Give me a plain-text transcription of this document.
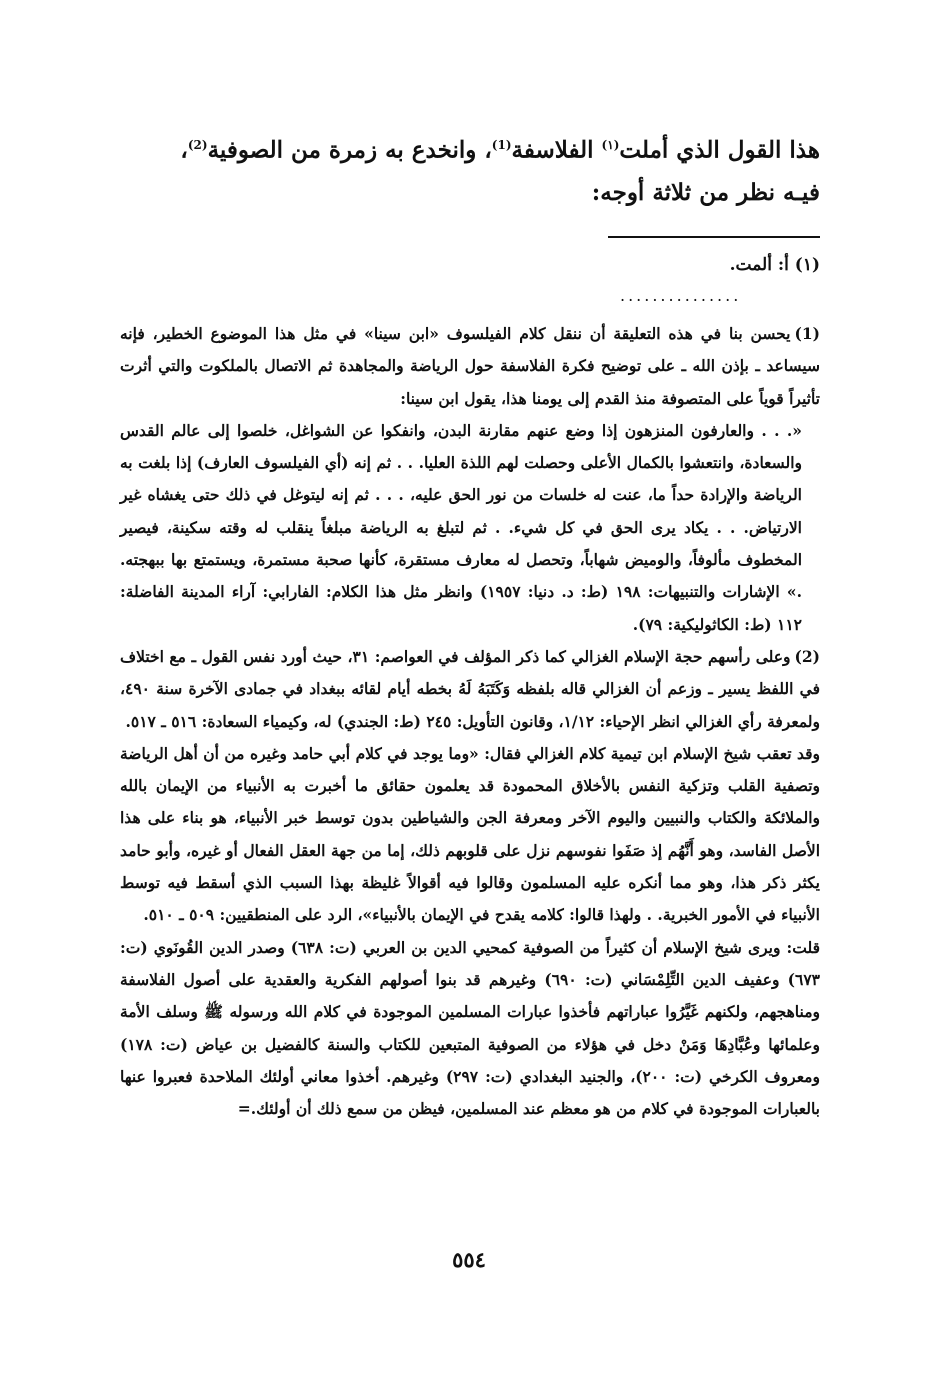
هذا القول الذي أملت$^{(١)}$ الفلاسفة$^{(1)}$، وانخدع به زمرة من الصوفية$^{(2)}$،

فيـه نظر من ثلاثة أوجه:

(١) أ: ألمت.
...............

(1)يحسن بنا في هذه التعليقة أن ننقل كلام الفيلسوف «ابن سينا» في مثل هذا الموضوع الخطير، فإنه سيساعد ـ بإذن الله ـ على توضيح فكرة الفلاسفة حول الرياضة والمجاهدة ثم الاتصال بالملكوت والتي أثرت تأثيراً قوياً على المتصوفة منذ القدم إلى يومنا هذا، يقول ابن سينا:

«. . . والعارفون المنزهون إذا وضع عنهم مقارنة البدن، وانفكوا عن الشواغل، خلصوا إلى عالم القدس والسعادة، وانتعشوا بالكمال الأعلى وحصلت لهم اللذة العليا. . . ثم إنه (أي الفيلسوف العارف) إذا بلغت به الرياضة والإرادة حداً ما، عنت له خلسات من نور الحق عليه، . . . ثم إنه ليتوغل في ذلك حتى يغشاه غير الارتياض. . . يكاد يرى الحق في كل شيء. . ثم لتبلغ به الرياضة مبلغاً ينقلب له وقته سكينة، فيصير المخطوف مألوفاً، والوميض شهاباً، وتحصل له معارف مستقرة، كأنها صحبة مستمرة، ويستمتع بها ببهجته. .» الإشارات والتنبيهات: ١٩٨ (ط: د. دنيا: ١٩٥٧) وانظر مثل هذا الكلام: الفارابي: آراء المدينة الفاضلة: ١١٢ (ط: الكاثوليكية: ٧٩).

(2)وعلى رأسهم حجة الإسلام الغزالي كما ذكر المؤلف في العواصم: ٣١، حيث أورد نفس القول ـ مع اختلاف في اللفظ يسير ـ وزعم أن الغزالي قاله بلفظه وَكَتَبَهُ لَهُ بخطه أيام لقائه ببغداد في جمادى الآخرة سنة ٤٩٠، ولمعرفة رأي الغزالي انظر الإحياء: ١/١٢، وقانون التأويل: ٢٤٥ (ط: الجندي) له، وكيمياء السعادة: ٥١٦ ـ ٥١٧.

وقد تعقب شيخ الإسلام ابن تيمية كلام الغزالي فقال: «وما يوجد في كلام أبي حامد وغيره من أن أهل الرياضة وتصفية القلب وتزكية النفس بالأخلاق المحمودة قد يعلمون حقائق ما أخبرت به الأنبياء من الإيمان بالله والملائكة والكتاب والنبيين واليوم الآخر ومعرفة الجن والشياطين بدون توسط خبر الأنبياء، هو بناء على هذا الأصل الفاسد، وهو أَنَّهُم إذ صَفَوا نفوسهم نزل على قلوبهم ذلك، إما من جهة العقل الفعال أو غيره، وأبو حامد يكثر ذكر هذا، وهو مما أنكره عليه المسلمون وقالوا فيه أقوالاً غليظة بهذا السبب الذي أسقط فيه توسط الأنبياء في الأمور الخبرية. . ولهذا قالوا: كلامه يقدح في الإيمان بالأنبياء»، الرد على المنطقيين: ٥٠٩ ـ ٥١٠.

قلت: ويرى شيخ الإسلام أن كثيراً من الصوفية كمحيي الدين بن العربي (ت: ٦٣٨) وصدر الدين القُونَوي (ت: ٦٧٣) وعفيف الدين التِّلِمْسَاني (ت: ٦٩٠) وغيرهم قد بنوا أصولهم الفكرية والعقدية على أصول الفلاسفة ومناهجهم، ولكنهم غَيَّرُوا عباراتهم فأخذوا عبارات المسلمين الموجودة في كلام الله ورسوله ﷺ وسلف الأمة وعلمائها وعُبَّادِهَا وَمَنْ دخل في هؤلاء من الصوفية المتبعين للكتاب والسنة كالفضيل بن عياض (ت: ١٧٨) ومعروف الكرخي (ت: ٢٠٠)، والجنيد البغدادي (ت: ٢٩٧) وغيرهم. أخذوا معاني أولئك الملاحدة فعبروا عنها بالعبارات الموجودة في كلام من هو معظم عند المسلمين، فيظن من سمع ذلك أن أولئك.=

٥٥٤
